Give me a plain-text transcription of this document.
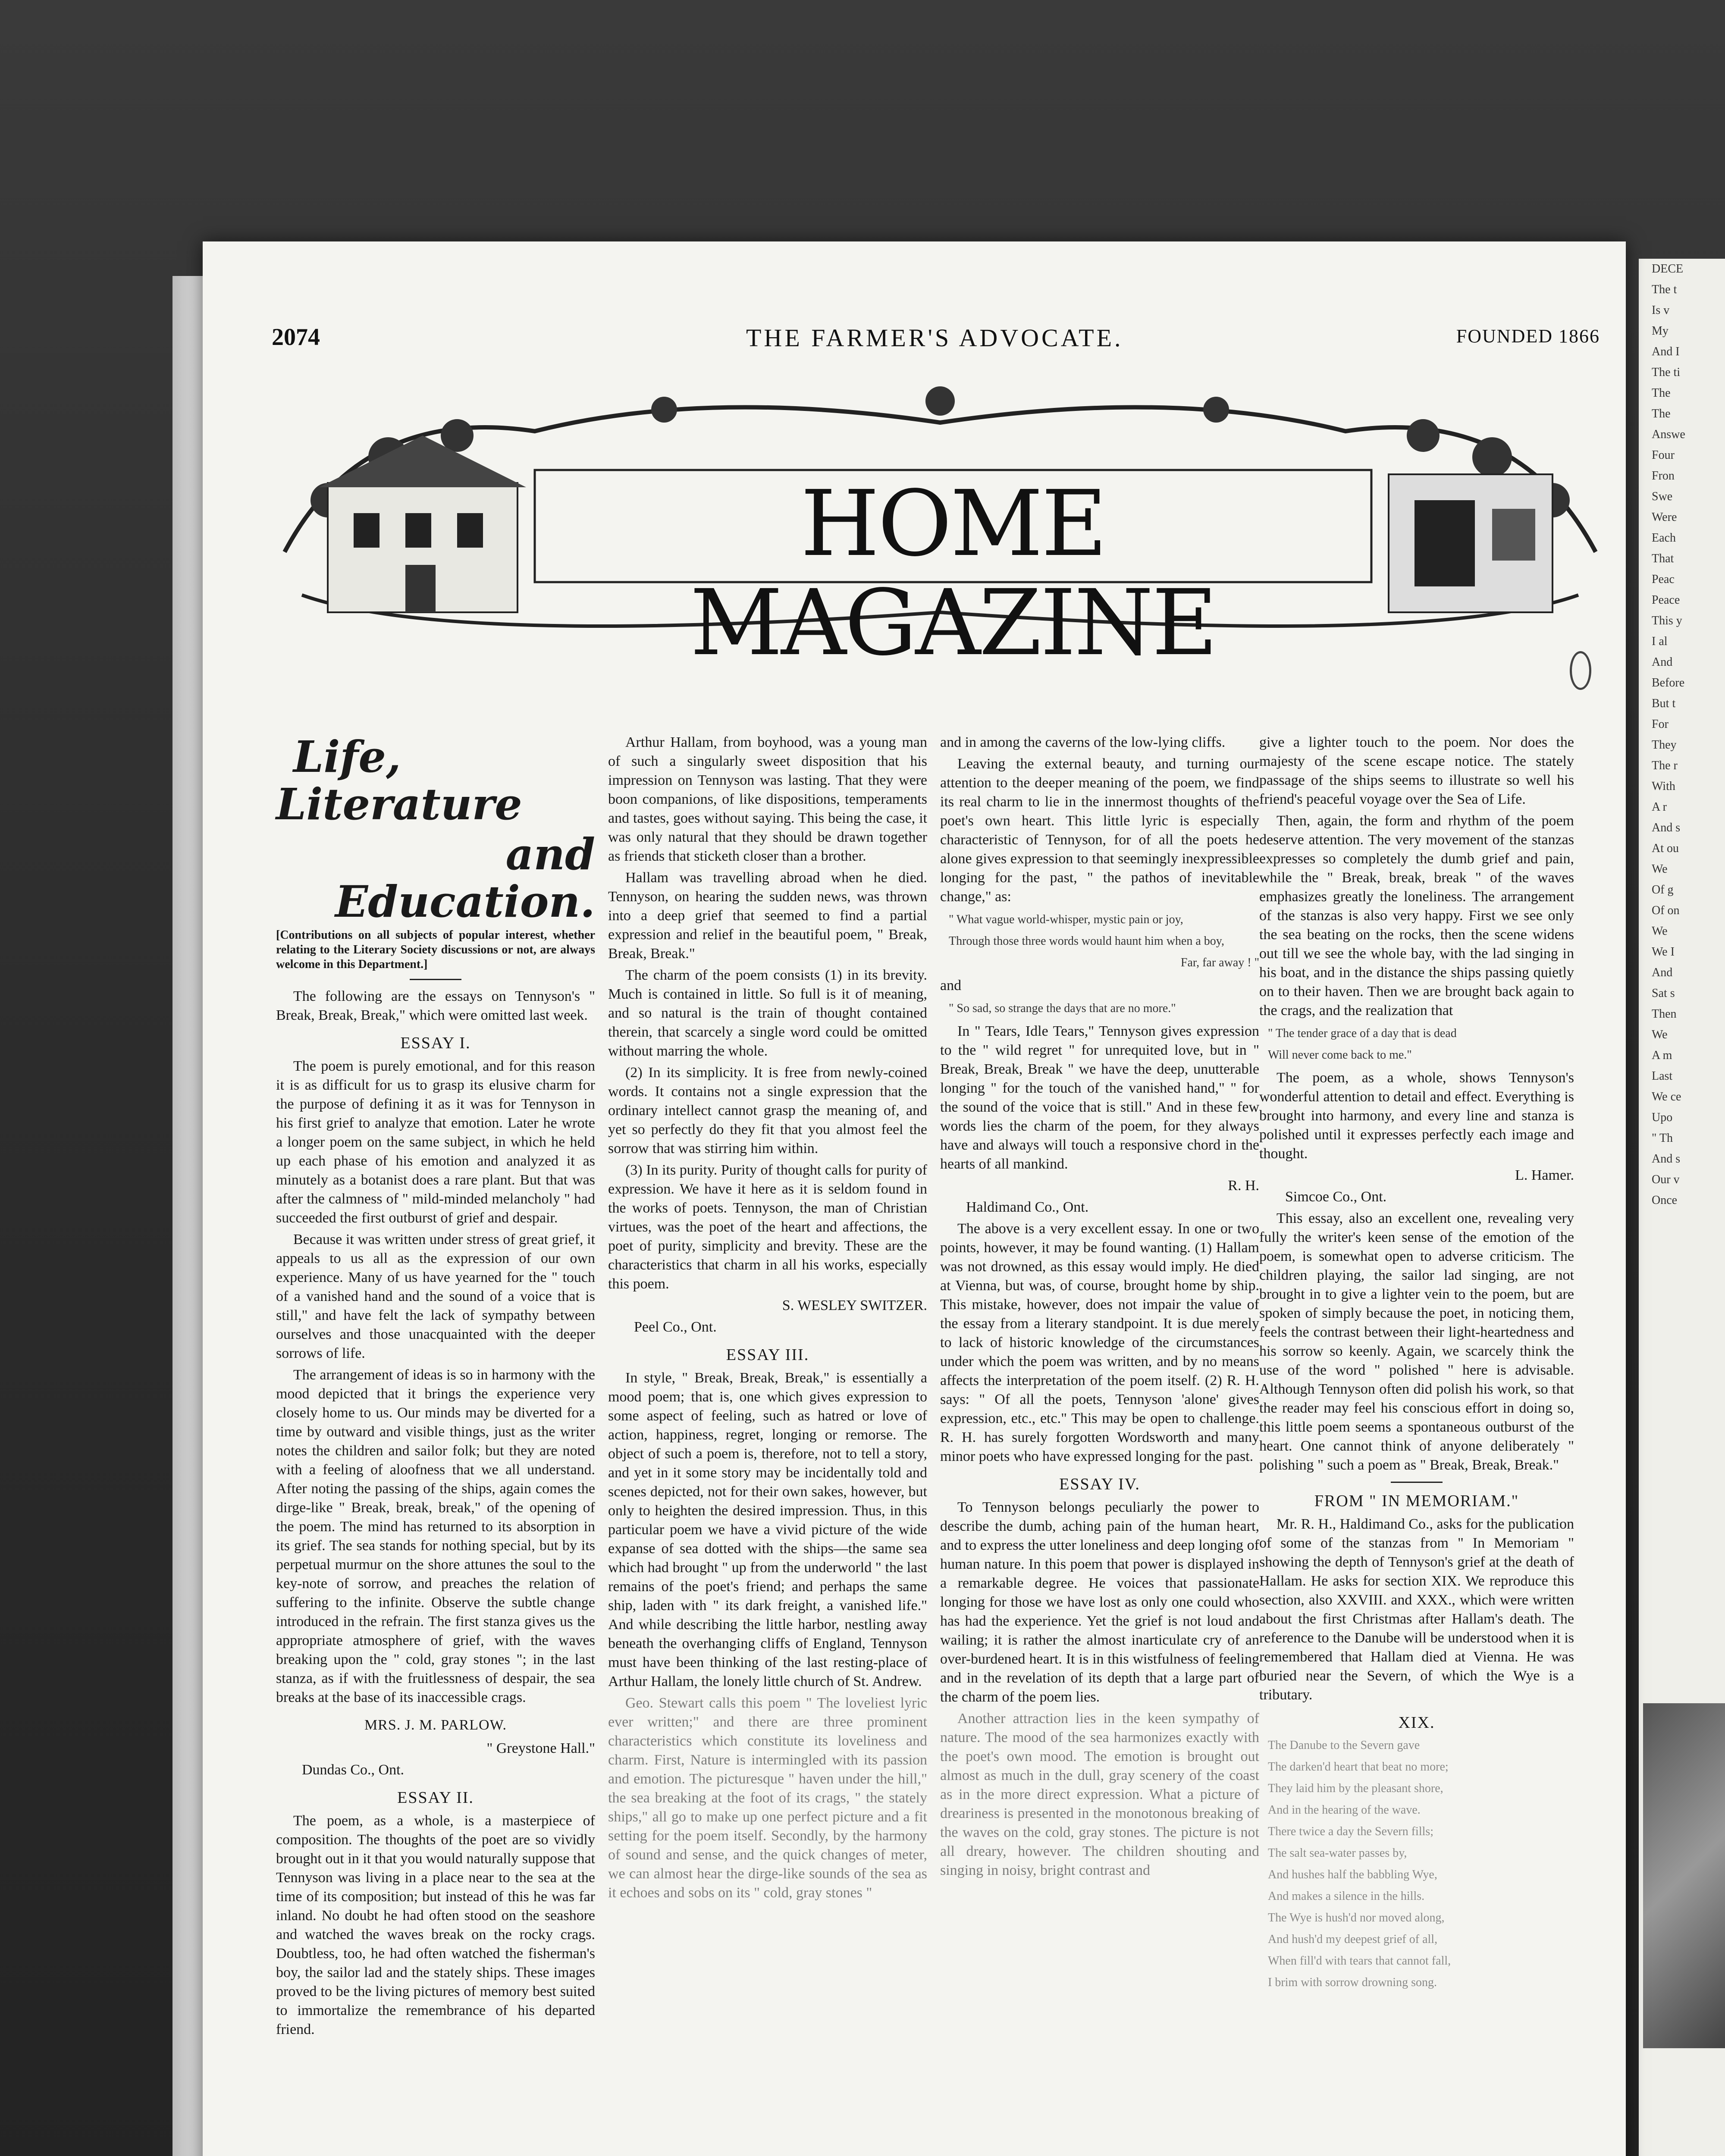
DECE
The t
Is v
My
And I
The ti
The
The
Answe
Four
Fron
Swe
Were
Each
That
Peac
Peace
This y
I al
And
Before
But t
For
They
The r
With
A r
And s
At ou
We
Of g
Of on
We
We I
And
Sat s
Then
We
A m
Last
We ce
Upo
" Th
And s
Our v
Once
2074	THE FARMER'S ADVOCATE.	FOUNDED 1866
HOME MAGAZINE

Life, Literature

and Education.

[Contributions on all subjects of popular interest, whether relating to the Literary Society discussions or not, are always welcome in this Department.]

The following are the essays on Tennyson's " Break, Break, Break," which were omitted last week.

ESSAY I.

The poem is purely emotional, and for this reason it is as difficult for us to grasp its elusive charm for the purpose of defining it as it was for Tennyson in his first grief to analyze that emotion. Later he wrote a longer poem on the same subject, in which he held up each phase of his emotion and analyzed it as minutely as a botanist does a rare plant. But that was after the calmness of " mild-minded melancholy " had succeeded the first outburst of grief and despair.

Because it was written under stress of great grief, it appeals to us all as the expression of our own experience. Many of us have yearned for the " touch of a vanished hand and the sound of a voice that is still," and have felt the lack of sympathy between ourselves and those unacquainted with the deeper sorrows of life.

The arrangement of ideas is so in harmony with the mood depicted that it brings the experience very closely home to us. Our minds may be diverted for a time by outward and visible things, just as the writer notes the children and sailor folk; but they are noted with a feeling of aloofness that we all understand. After noting the passing of the ships, again comes the dirge-like " Break, break, break," of the opening of the poem. The mind has returned to its absorption in its grief. The sea stands for nothing special, but by its perpetual murmur on the shore attunes the soul to the key-note of sorrow, and preaches the relation of suffering to the infinite. Observe the subtle change introduced in the refrain. The first stanza gives us the appropriate atmosphere of grief, with the waves breaking upon the " cold, gray stones "; in the last stanza, as if with the fruitlessness of despair, the sea breaks at the base of its inaccessible crags.

MRS. J. M. PARLOW.

" Greystone Hall."

Dundas Co., Ont.

ESSAY II.

The poem, as a whole, is a masterpiece of composition. The thoughts of the poet are so vividly brought out in it that you would naturally suppose that Tennyson was living in a place near to the sea at the time of its composition; but instead of this he was far inland. No doubt he had often stood on the seashore and watched the waves break on the rocky crags. Doubtless, too, he had often watched the fisherman's boy, the sailor lad and the stately ships. These images proved to be the living pictures of memory best suited to immortalize the remembrance of his departed friend.

Arthur Hallam, from boyhood, was a young man of such a singularly sweet disposition that his impression on Tennyson was lasting. That they were boon companions, of like dispositions, temperaments and tastes, goes without saying. This being the case, it was only natural that they should be drawn together as friends that sticketh closer than a brother.

Hallam was travelling abroad when he died. Tennyson, on hearing the sudden news, was thrown into a deep grief that seemed to find a partial expression and relief in the beautiful poem, " Break, Break, Break."

The charm of the poem consists (1) in its brevity. Much is contained in little. So full is it of meaning, and so natural is the train of thought contained therein, that scarcely a single word could be omitted without marring the whole.

(2) In its simplicity. It is free from newly-coined words. It contains not a single expression that the ordinary intellect cannot grasp the meaning of, and yet so perfectly do they fit that you almost feel the sorrow that was stirring him within.

(3) In its purity. Purity of thought calls for purity of expression. We have it here as it is seldom found in the works of poets. Tennyson, the man of Christian virtues, was the poet of the heart and affections, the poet of purity, simplicity and brevity. These are the characteristics that charm in all his works, especially this poem.

S. WESLEY SWITZER.

Peel Co., Ont.

ESSAY III.

In style, " Break, Break, Break," is essentially a mood poem; that is, one which gives expression to some aspect of feeling, such as hatred or love of action, happiness, regret, longing or remorse. The object of such a poem is, therefore, not to tell a story, and yet in it some story may be incidentally told and scenes depicted, not for their own sakes, however, but only to heighten the desired impression. Thus, in this particular poem we have a vivid picture of the wide expanse of sea dotted with the ships—the same sea which had brought " up from the underworld " the last remains of the poet's friend; and perhaps the same ship, laden with " its dark freight, a vanished life." And while describing the little harbor, nestling away beneath the overhanging cliffs of England, Tennyson must have been thinking of the last resting-place of Arthur Hallam, the lonely little church of St. Andrew.

Geo. Stewart calls this poem " The loveliest lyric ever written;" and there are three prominent characteristics which constitute its loveliness and charm. First, Nature is intermingled with its passion and emotion. The picturesque " haven under the hill," the sea breaking at the foot of its crags, " the stately ships," all go to make up one perfect picture and a fit setting for the poem itself. Secondly, by the harmony of sound and sense, and the quick changes of meter, we can almost hear the dirge-like sounds of the sea as it echoes and sobs on its " cold, gray stones "

and in among the caverns of the low-lying cliffs.

Leaving the external beauty, and turning our attention to the deeper meaning of the poem, we find its real charm to lie in the innermost thoughts of the poet's own heart. This little lyric is especially characteristic of Tennyson, for of all the poets he alone gives expression to that seemingly inexpressible longing for the past, " the pathos of inevitable change," as:

" What vague world-whisper, mystic pain or joy,

Through those three words would haunt him when a boy,

Far, far away ! "

and

" So sad, so strange the days that are no more."

In " Tears, Idle Tears," Tennyson gives expression to the " wild regret " for unrequited love, but in " Break, Break, Break " we have the deep, unutterable longing " for the touch of the vanished hand," " for the sound of the voice that is still." And in these few words lies the charm of the poem, for they always have and always will touch a responsive chord in the hearts of all mankind.

R. H.

Haldimand Co., Ont.

The above is a very excellent essay. In one or two points, however, it may be found wanting. (1) Hallam was not drowned, as this essay would imply. He died at Vienna, but was, of course, brought home by ship. This mistake, however, does not impair the value of the essay from a literary standpoint. It is due merely to lack of historic knowledge of the circumstances under which the poem was written, and by no means affects the interpretation of the poem itself. (2) R. H. says: " Of all the poets, Tennyson 'alone' gives expression, etc., etc." This may be open to challenge. R. H. has surely forgotten Wordsworth and many minor poets who have expressed longing for the past.

ESSAY IV.

To Tennyson belongs peculiarly the power to describe the dumb, aching pain of the human heart, and to express the utter loneliness and deep longing of human nature. In this poem that power is displayed in a remarkable degree. He voices that passionate longing for those we have lost as only one could who has had the experience. Yet the grief is not loud and wailing; it is rather the almost inarticulate cry of an over-burdened heart. It is in this wistfulness of feeling and in the revelation of its depth that a large part of the charm of the poem lies.

Another attraction lies in the keen sympathy of nature. The mood of the sea harmonizes exactly with the poet's own mood. The emotion is brought out almost as much in the dull, gray scenery of the coast as in the more direct expression. What a picture of dreariness is presented in the monotonous breaking of the waves on the cold, gray stones. The picture is not all dreary, however. The children shouting and singing in noisy, bright contrast and

give a lighter touch to the poem. Nor does the majesty of the scene escape notice. The stately passage of the ships seems to illustrate so well his friend's peaceful voyage over the Sea of Life.

Then, again, the form and rhythm of the poem deserve attention. The very movement of the stanzas expresses so completely the dumb grief and pain, while the " Break, break, break " of the waves emphasizes greatly the loneliness. The arrangement of the stanzas is also very happy. First we see only the sea beating on the rocks, then the scene widens out till we see the whole bay, with the lad singing in his boat, and in the distance the ships passing quietly on to their haven. Then we are brought back again to the crags, and the realization that

" The tender grace of a day that is dead

Will never come back to me."

The poem, as a whole, shows Tennyson's wonderful attention to detail and effect. Everything is brought into harmony, and every line and stanza is polished until it expresses perfectly each image and thought.

L. Hamer.

Simcoe Co., Ont.

This essay, also an excellent one, revealing very fully the writer's keen sense of the emotion of the poem, is somewhat open to adverse criticism. The children playing, the sailor lad singing, are not brought in to give a lighter vein to the poem, but are spoken of simply because the poet, in noticing them, feels the contrast between their light-heartedness and his sorrow so keenly. Again, we scarcely think the use of the word " polished " here is advisable. Although Tennyson often did polish his work, so that the reader may feel his conscious effort in doing so, this little poem seems a spontaneous outburst of the heart. One cannot think of anyone deliberately " polishing " such a poem as " Break, Break, Break."

FROM " IN MEMORIAM."

Mr. R. H., Haldimand Co., asks for the publication of some of the stanzas from " In Memoriam " showing the depth of Tennyson's grief at the death of Hallam. He asks for section XIX. We reproduce this section, also XXVIII. and XXX., which were written about the first Christmas after Hallam's death. The reference to the Danube will be understood when it is remembered that Hallam died at Vienna. He was buried near the Severn, of which the Wye is a tributary.

XIX.

The Danube to the Severn gave

The darken'd heart that beat no more;

They laid him by the pleasant shore,

And in the hearing of the wave.

There twice a day the Severn fills;

The salt sea-water passes by,

And hushes half the babbling Wye,

And makes a silence in the hills.

The Wye is hush'd nor moved along,

And hush'd my deepest grief of all,

When fill'd with tears that cannot fall,

I brim with sorrow drowning song.
